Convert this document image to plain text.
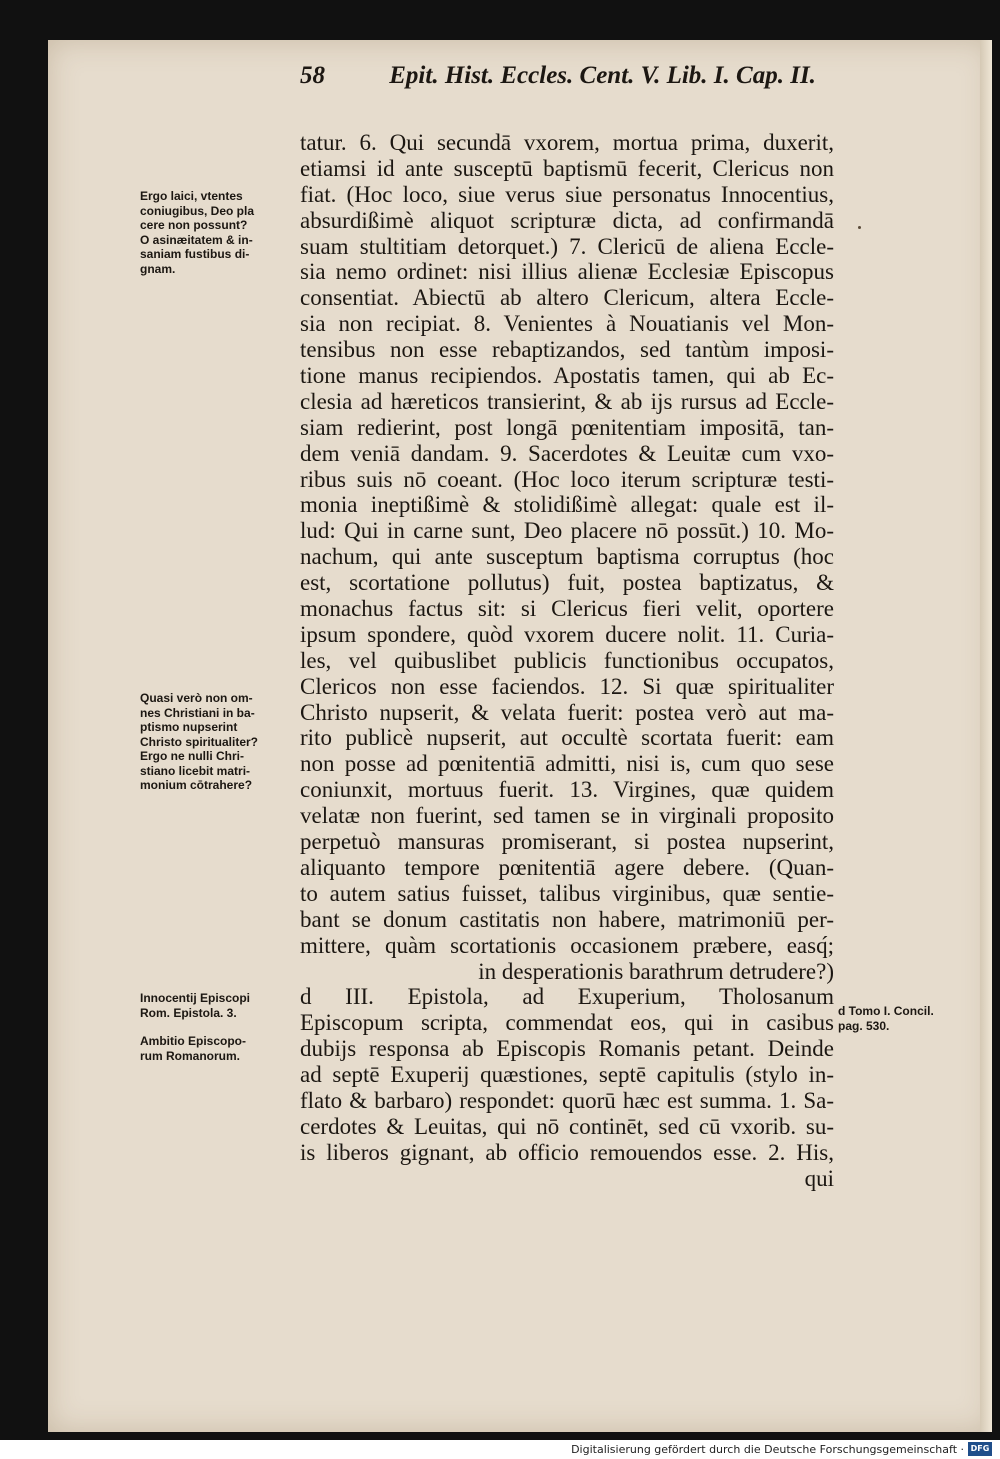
58	Epit. Hist. Eccles. Cent. V. Lib. I. Cap. II.
tatur. 6. Qui secundā vxorem, mortua prima, duxerit,
etiamsi id ante susceptū baptismū fecerit, Clericus non
fiat. (Hoc loco, siue verus siue personatus Innocentius,
absurdißimè aliquot scripturæ dicta, ad confirmandā
suam stultitiam detorquet.) 7. Clericū de aliena Eccle-
sia nemo ordinet: nisi illius alienæ Ecclesiæ Episcopus
consentiat. Abiectū ab altero Clericum, altera Eccle-
sia non recipiat. 8. Venientes à Nouatianis vel Mon-
tensibus non esse rebaptizandos, sed tantùm imposi-
tione manus recipiendos. Apostatis tamen, qui ab Ec-
clesia ad hæreticos transierint, & ab ijs rursus ad Eccle-
siam redierint, post longā pœnitentiam impositā, tan-
dem veniā dandam. 9. Sacerdotes & Leuitæ cum vxo-
ribus suis nō coeant. (Hoc loco iterum scripturæ testi-
monia ineptißimè & stolidißimè allegat: quale est il-
lud: Qui in carne sunt, Deo placere nō possūt.) 10. Mo-
nachum, qui ante susceptum baptisma corruptus (hoc
est, scortatione pollutus) fuit, postea baptizatus, &
monachus factus sit: si Clericus fieri velit, oportere
ipsum spondere, quòd vxorem ducere nolit. 11. Curia-
les, vel quibuslibet publicis functionibus occupatos,
Clericos non esse faciendos. 12. Si quæ spiritualiter
Christo nupserit, & velata fuerit: postea verò aut ma-
rito publicè nupserit, aut occultè scortata fuerit: eam
non posse ad pœnitentiā admitti, nisi is, cum quo sese
coniunxit, mortuus fuerit. 13. Virgines, quæ quidem
velatæ non fuerint, sed tamen se in virginali proposito
perpetuò mansuras promiserant, si postea nupserint,
aliquanto tempore pœnitentiā agere debere. (Quan-
to autem satius fuisset, talibus virginibus, quæ sentie-
bant se donum castitatis non habere, matrimoniū per-
mittere, quàm scortationis occasionem præbere, easq́;
in desperationis barathrum detrudere?)
d III. Epistola, ad Exuperium, Tholosanum
Episcopum scripta, commendat eos, qui in casibus
dubijs responsa ab Episcopis Romanis petant. Deinde
ad septē Exuperij quæstiones, septē capitulis (stylo in-
flato & barbaro) respondet: quorū hæc est summa. 1. Sa-
cerdotes & Leuitas, qui nō continēt, sed cū vxorib. su-
is liberos gignant, ab officio remouendos esse. 2. His,
qui
Ergo laici, vtentes
coniugibus, Deo pla
cere non possunt?
O asinæitatem & in-
saniam fustibus di-
gnam.
Quasi verò non om-
nes Christiani in ba-
ptismo nupserint
Christo spiritualiter?
Ergo ne nulli Chri-
stiano licebit matri-
monium cōtrahere?
Innocentij Episcopi
Rom. Epistola. 3.
Ambitio Episcopo-
rum Romanorum.
d Tomo I. Concil.
pag. 530.
Digitalisierung gefördert durch die Deutsche Forschungsgemeinschaft · DFG
